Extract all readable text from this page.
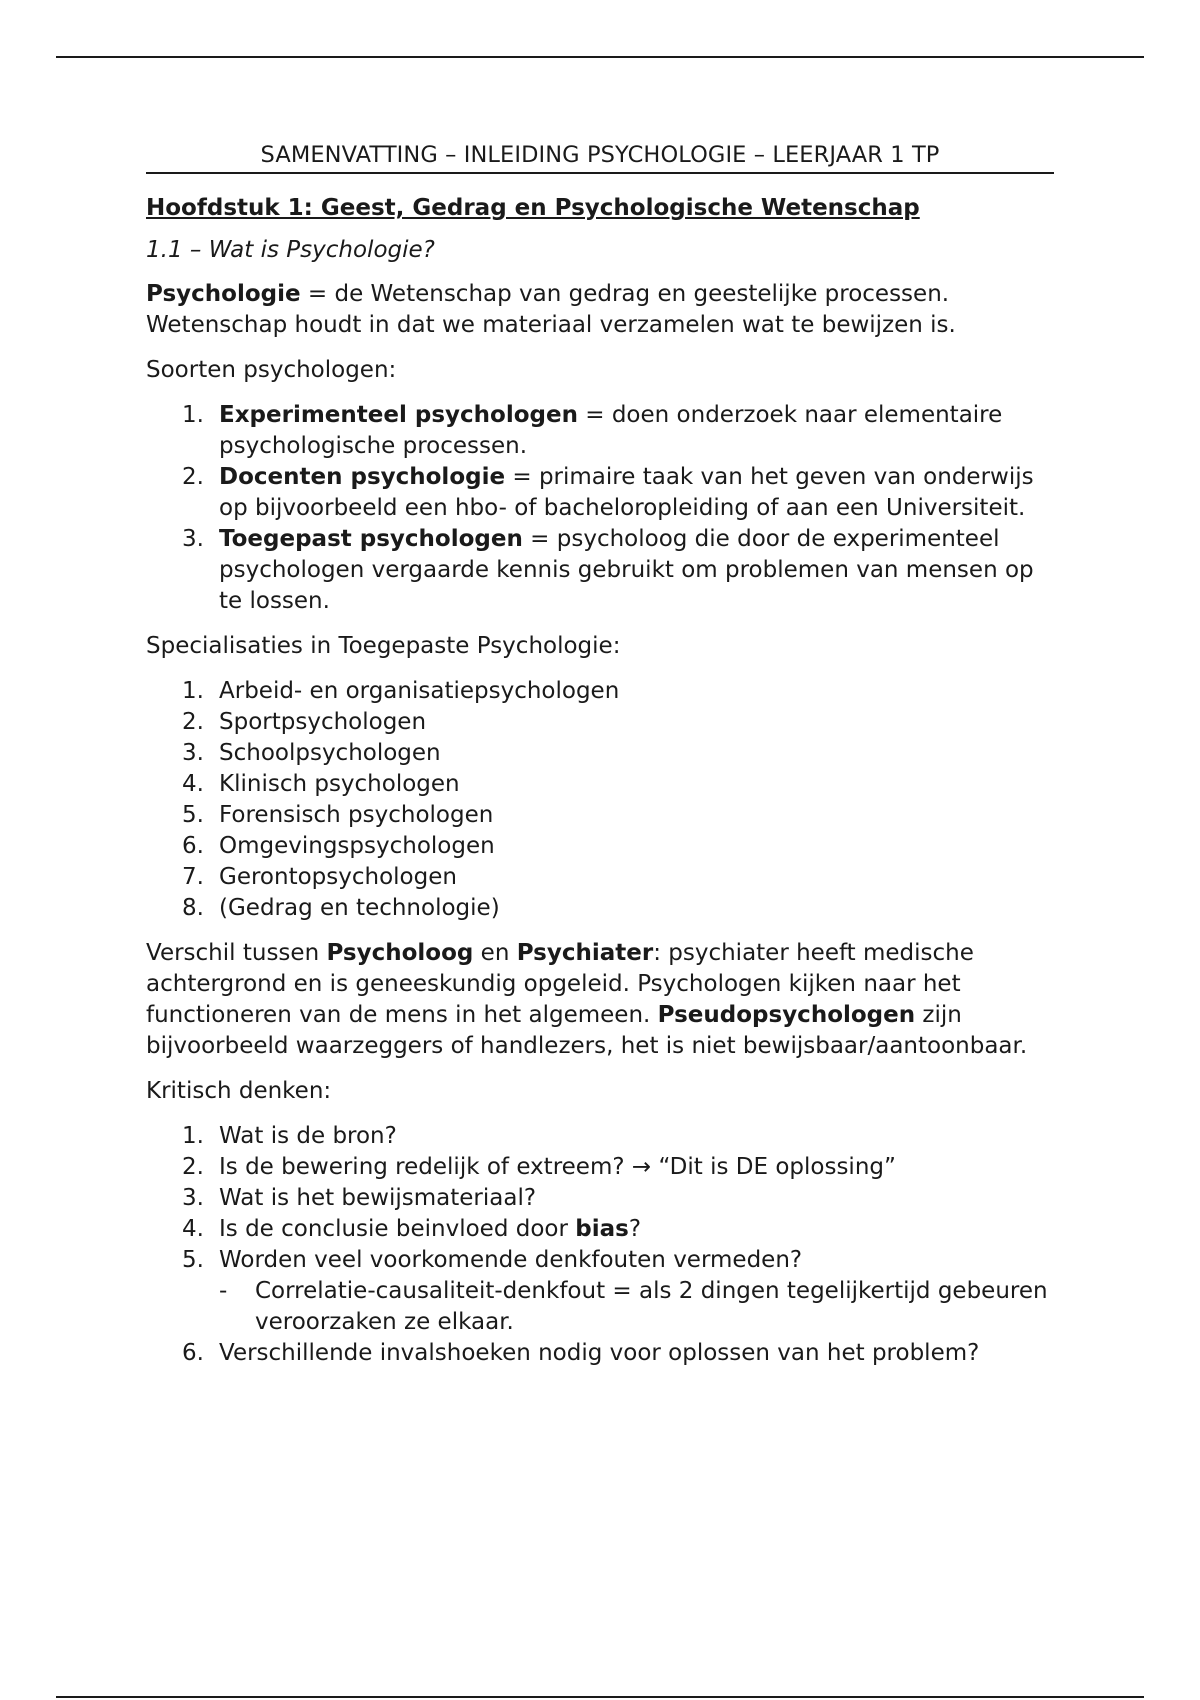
SAMENVATTING – INLEIDING PSYCHOLOGIE – LEERJAAR 1 TP
Hoofdstuk 1: Geest, Gedrag en Psychologische Wetenschap
1.1 – Wat is Psychologie?

Psychologie = de Wetenschap van gedrag en geestelijke processen. Wetenschap houdt in dat we materiaal verzamelen wat te bewijzen is.

Soorten psychologen:

1. Experimenteel psychologen = doen onderzoek naar elementaire psychologische processen.
2. Docenten psychologie = primaire taak van het geven van onderwijs op bijvoorbeeld een hbo- of bacheloropleiding of aan een Universiteit.
3. Toegepast psychologen = psycholoog die door de experimenteel psychologen vergaarde kennis gebruikt om problemen van mensen op te lossen.

Specialisaties in Toegepaste Psychologie:

1. Arbeid- en organisatiepsychologen
2. Sportpsychologen
3. Schoolpsychologen
4. Klinisch psychologen
5. Forensisch psychologen
6. Omgevingspsychologen
7. Gerontopsychologen
8. (Gedrag en technologie)

Verschil tussen Psycholoog en Psychiater: psychiater heeft medische achtergrond en is geneeskundig opgeleid. Psychologen kijken naar het functioneren van de mens in het algemeen. Pseudopsychologen zijn bijvoorbeeld waarzeggers of handlezers, het is niet bewijsbaar/aantoonbaar.

Kritisch denken:

1. Wat is de bron?
2. Is de bewering redelijk of extreem? → “Dit is DE oplossing”
3. Wat is het bewijsmateriaal?
4. Is de conclusie beinvloed door bias?
5. Worden veel voorkomende denkfouten vermeden?
- Correlatie-causaliteit-denkfout = als 2 dingen tegelijkertijd gebeuren veroorzaken ze elkaar.
6. Verschillende invalshoeken nodig voor oplossen van het problem?
